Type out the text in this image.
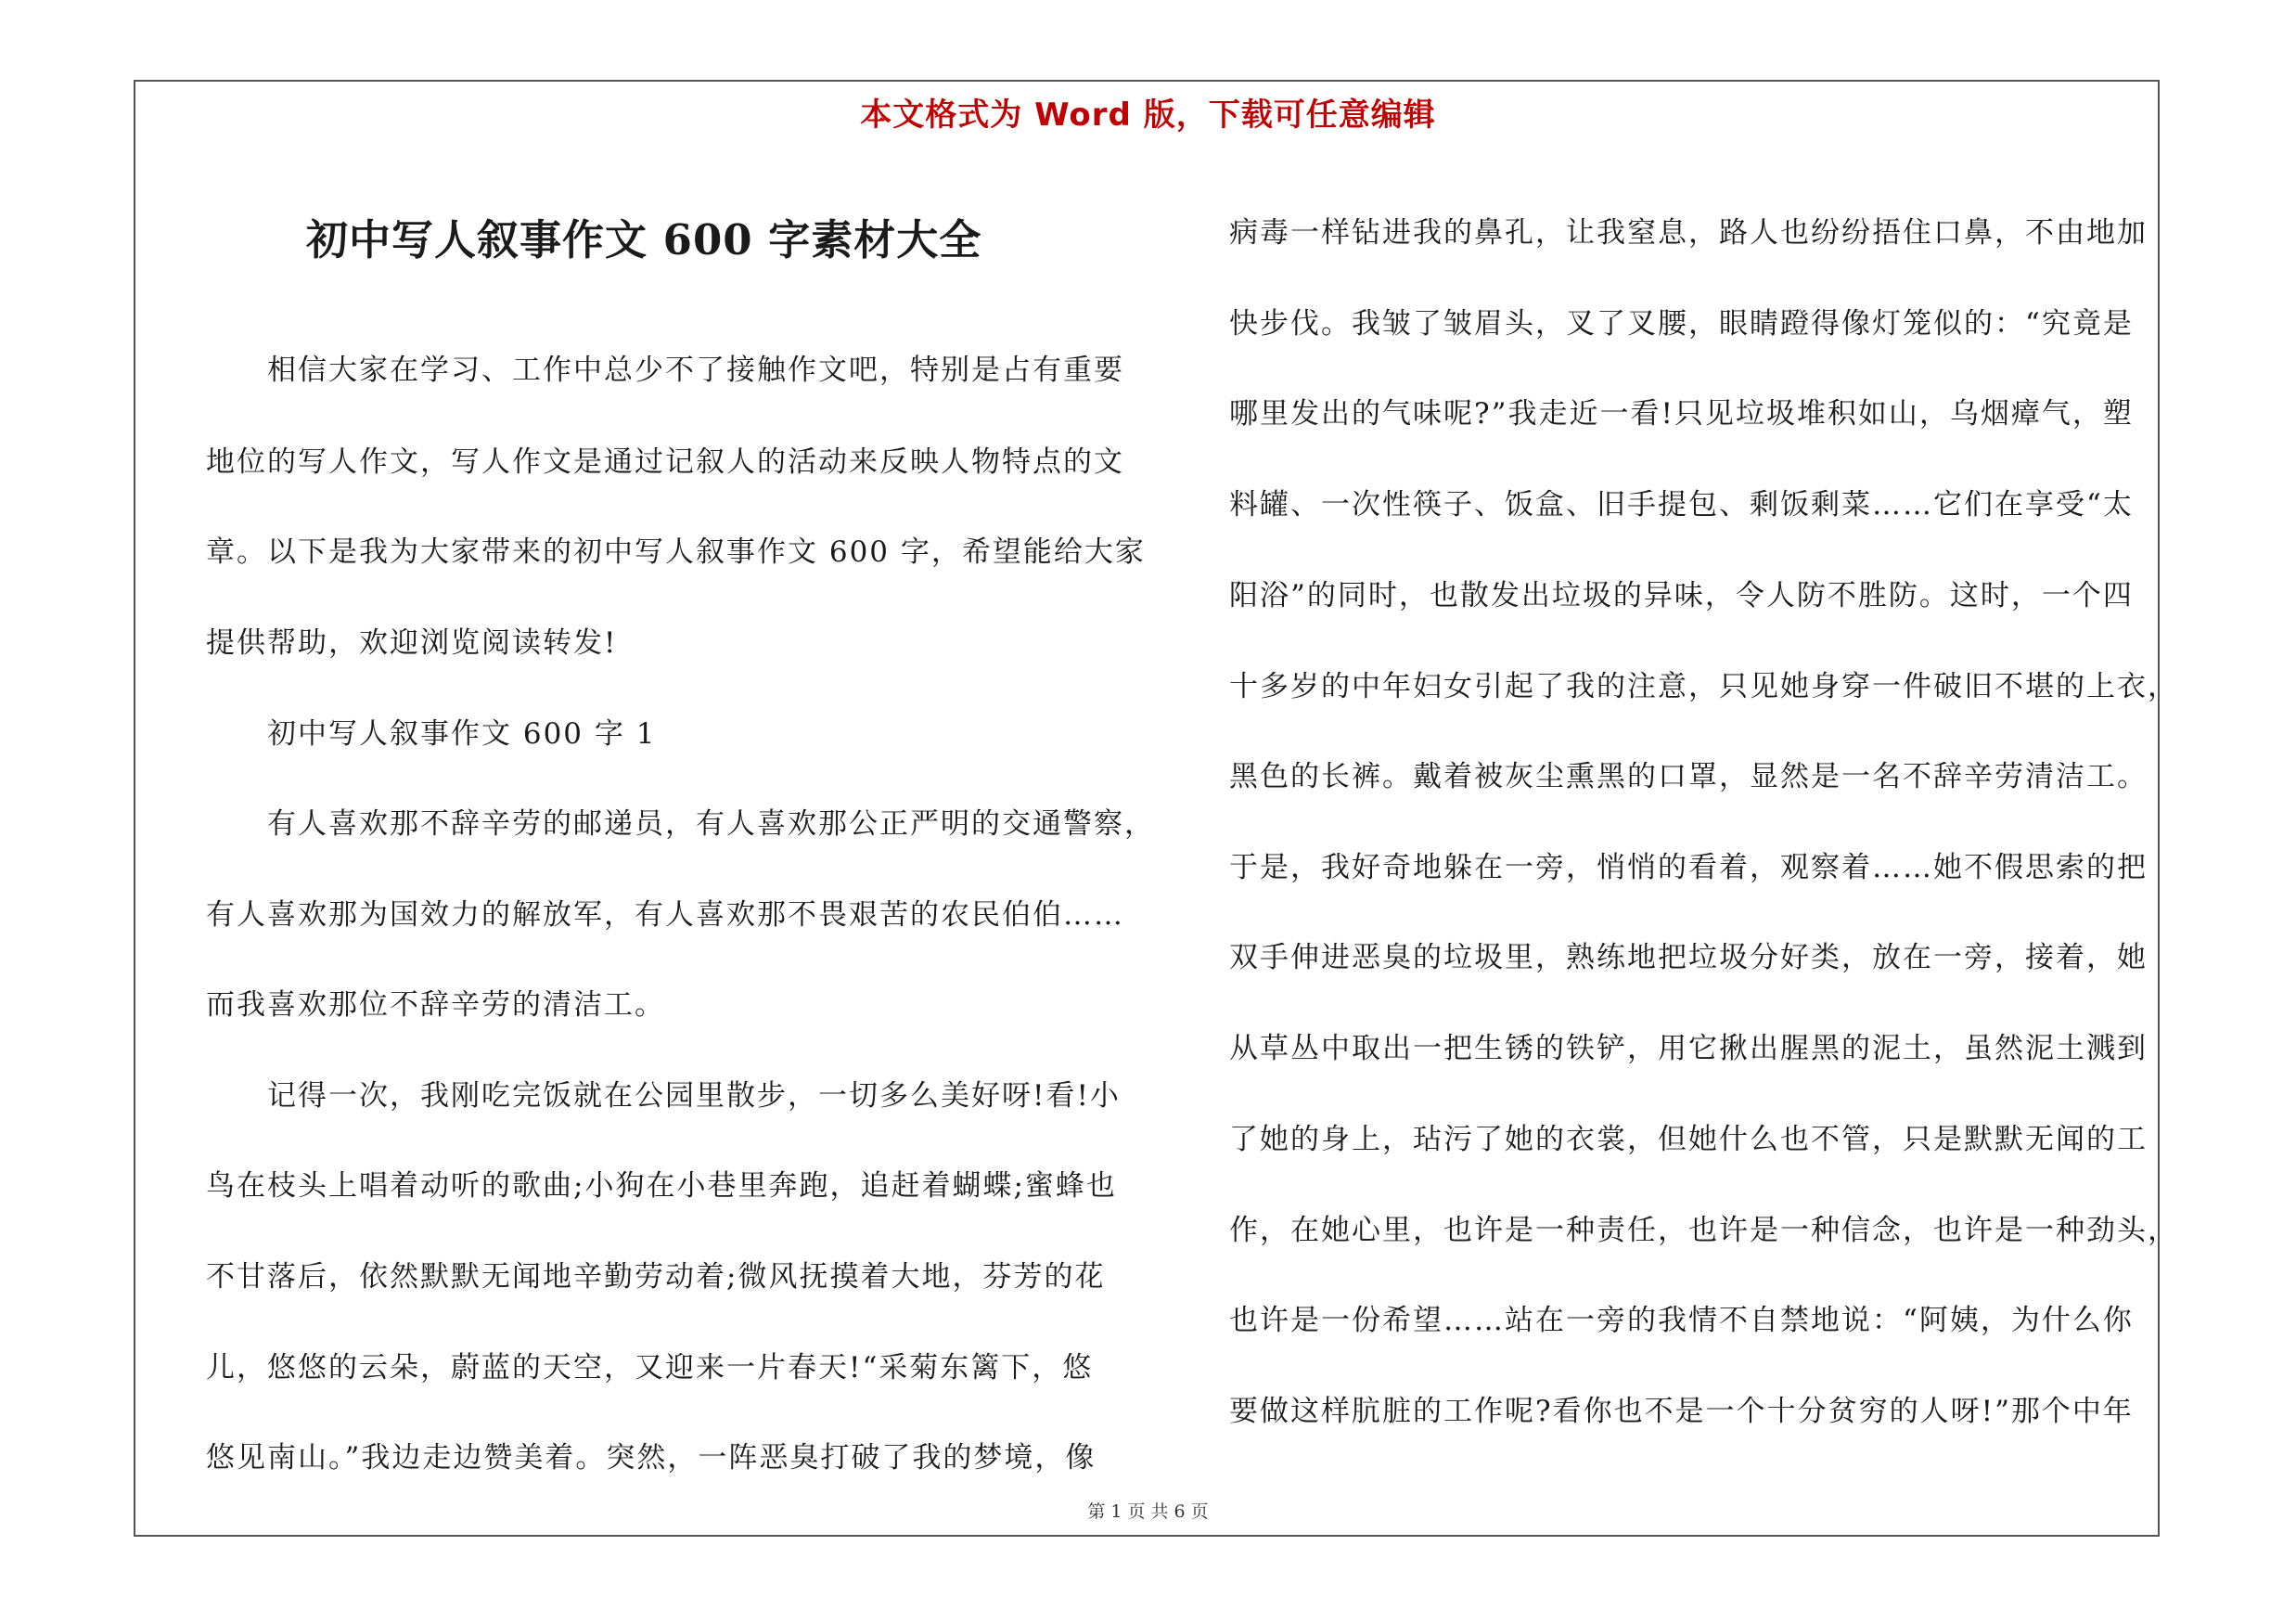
本文格式为 Word 版，下载可任意编辑
初中写人叙事作文 600 字素材大全
相信大家在学习、工作中总少不了接触作文吧，特别是占有重要
地位的写人作文，写人作文是通过记叙人的活动来反映人物特点的文
章。以下是我为大家带来的初中写人叙事作文 600 字，希望能给大家
提供帮助，欢迎浏览阅读转发!
初中写人叙事作文 600 字 1
有人喜欢那不辞辛劳的邮递员，有人喜欢那公正严明的交通警察，
有人喜欢那为国效力的解放军，有人喜欢那不畏艰苦的农民伯伯……
而我喜欢那位不辞辛劳的清洁工。
记得一次，我刚吃完饭就在公园里散步，一切多么美好呀!看!小
鸟在枝头上唱着动听的歌曲;小狗在小巷里奔跑，追赶着蝴蝶;蜜蜂也
不甘落后，依然默默无闻地辛勤劳动着;微风抚摸着大地，芬芳的花
儿，悠悠的云朵，蔚蓝的天空，又迎来一片春天!“采菊东篱下，悠
悠见南山。”我边走边赞美着。突然，一阵恶臭打破了我的梦境，像
病毒一样钻进我的鼻孔，让我窒息，路人也纷纷捂住口鼻，不由地加
快步伐。我皱了皱眉头，叉了叉腰，眼睛蹬得像灯笼似的：“究竟是
哪里发出的气味呢?”我走近一看!只见垃圾堆积如山，乌烟瘴气，塑
料罐、一次性筷子、饭盒、旧手提包、剩饭剩菜……它们在享受“太
阳浴”的同时，也散发出垃圾的异味，令人防不胜防。这时，一个四
十多岁的中年妇女引起了我的注意，只见她身穿一件破旧不堪的上衣，
黑色的长裤。戴着被灰尘熏黑的口罩，显然是一名不辞辛劳清洁工。
于是，我好奇地躲在一旁，悄悄的看着，观察着……她不假思索的把
双手伸进恶臭的垃圾里，熟练地把垃圾分好类，放在一旁，接着，她
从草丛中取出一把生锈的铁铲，用它揪出腥黑的泥土，虽然泥土溅到
了她的身上，玷污了她的衣裳，但她什么也不管，只是默默无闻的工
作，在她心里，也许是一种责任，也许是一种信念，也许是一种劲头，
也许是一份希望……站在一旁的我情不自禁地说：“阿姨，为什么你
要做这样肮脏的工作呢?看你也不是一个十分贫穷的人呀!”那个中年
第 1 页 共 6 页
